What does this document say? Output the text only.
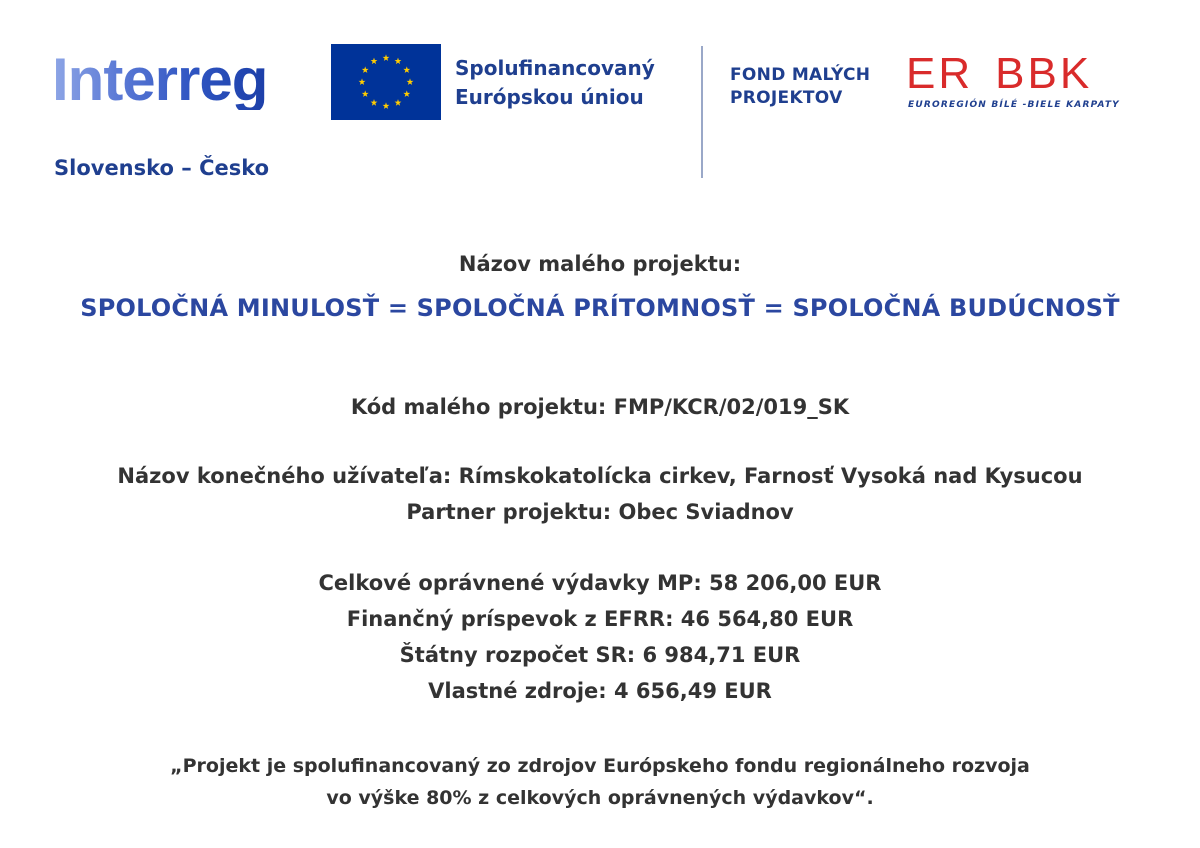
Interreg
Slovensko – Česko
Spolufinancovaný
Európskou úniou
FOND MALÝCH
PROJEKTOV	ER BBK
EUROREGIÓN BÍLÉ -BIELE KARPATY
Názov malého projektu:
SPOLOČNÁ MINULOSŤ = SPOLOČNÁ PRÍTOMNOSŤ = SPOLOČNÁ BUDÚCNOSŤ
Kód malého projektu: FMP/KCR/02/019_SK
Názov konečného užívateľa: Rímskokatolícka cirkev, Farnosť Vysoká nad Kysucou
Partner projektu: Obec Sviadnov
Celkové oprávnené výdavky MP: 58 206,00 EUR
Finančný príspevok z EFRR: 46 564,80 EUR
Štátny rozpočet SR: 6 984,71 EUR
Vlastné zdroje: 4 656,49 EUR
„Projekt je spolufinancovaný zo zdrojov Európskeho fondu regionálneho rozvoja
vo výške 80% z celkových oprávnených výdavkov“.
